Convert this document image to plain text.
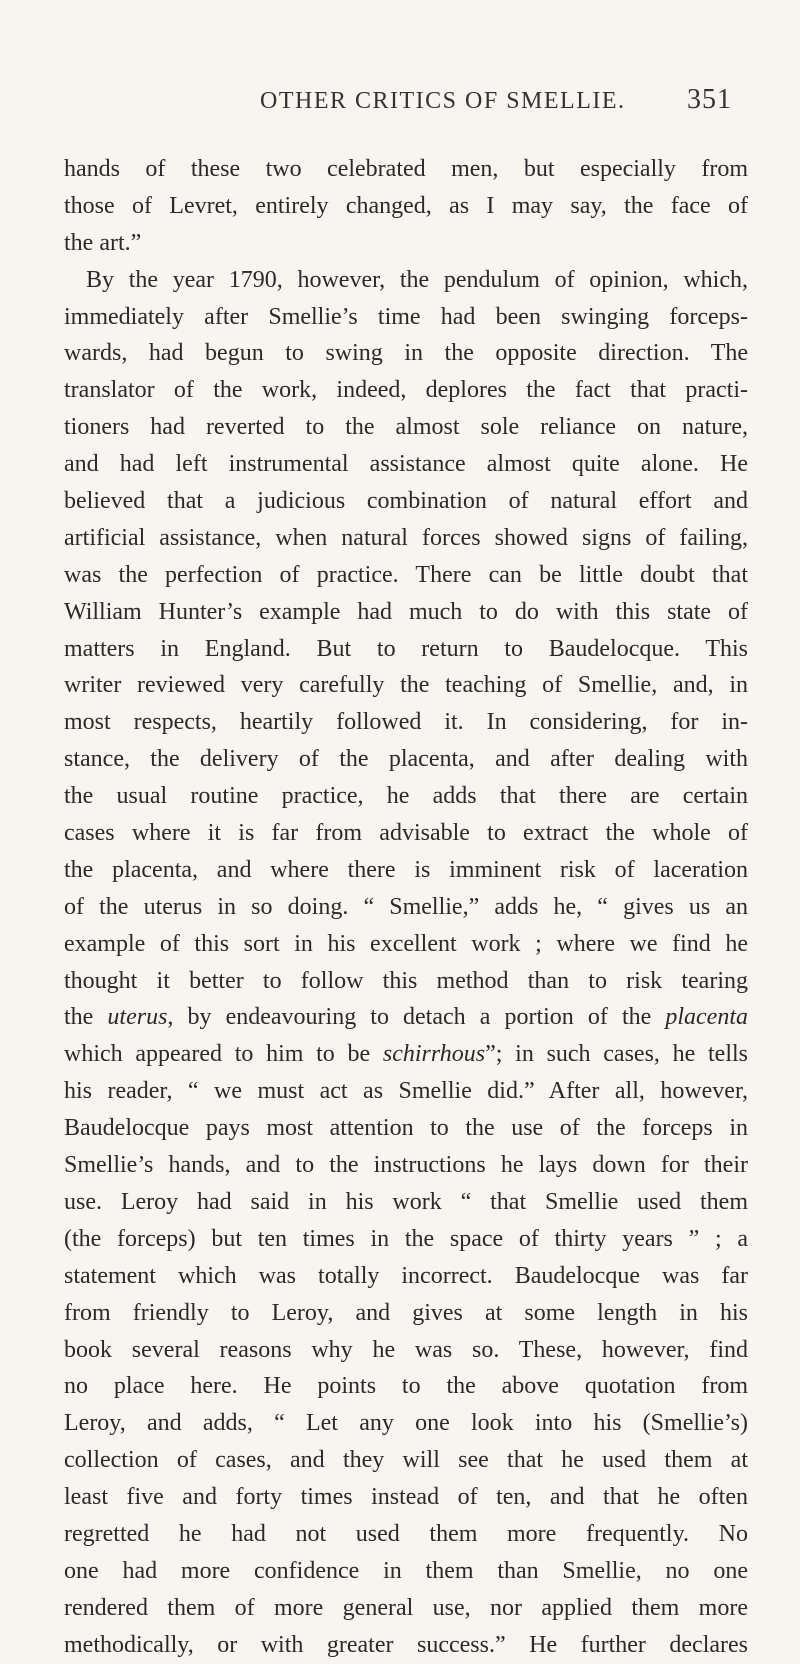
OTHER CRITICS OF SMELLIE. 351
hands of these two celebrated men, but especially from
those of Levret, entirely changed, as I may say, the face of
the art.”
By the year 1790, however, the pendulum of opinion, which,
immediately after Smellie’s time had been swinging forceps-
wards, had begun to swing in the opposite direction. The
translator of the work, indeed, deplores the fact that practi-
tioners had reverted to the almost sole reliance on nature,
and had left instrumental assistance almost quite alone. He
believed that a judicious combination of natural effort and
artificial assistance, when natural forces showed signs of failing,
was the perfection of practice. There can be little doubt that
William Hunter’s example had much to do with this state of
matters in England. But to return to Baudelocque. This
writer reviewed very carefully the teaching of Smellie, and, in
most respects, heartily followed it. In considering, for in-
stance, the delivery of the placenta, and after dealing with
the usual routine practice, he adds that there are certain
cases where it is far from advisable to extract the whole of
the placenta, and where there is imminent risk of laceration
of the uterus in so doing. “ Smellie,” adds he, “ gives us an
example of this sort in his excellent work ; where we find he
thought it better to follow this method than to risk tearing
the uterus, by endeavouring to detach a portion of the placenta
which appeared to him to be schirrhous”; in such cases, he tells
his reader, “ we must act as Smellie did.” After all, however,
Baudelocque pays most attention to the use of the forceps in
Smellie’s hands, and to the instructions he lays down for their
use. Leroy had said in his work “ that Smellie used them
(the forceps) but ten times in the space of thirty years ” ; a
statement which was totally incorrect. Baudelocque was far
from friendly to Leroy, and gives at some length in his
book several reasons why he was so. These, however, find
no place here. He points to the above quotation from
Leroy, and adds, “ Let any one look into his (Smellie’s)
collection of cases, and they will see that he used them at
least five and forty times instead of ten, and that he often
regretted he had not used them more frequently. No
one had more confidence in them than Smellie, no one
rendered them of more general use, nor applied them more
methodically, or with greater success.” He further declares
